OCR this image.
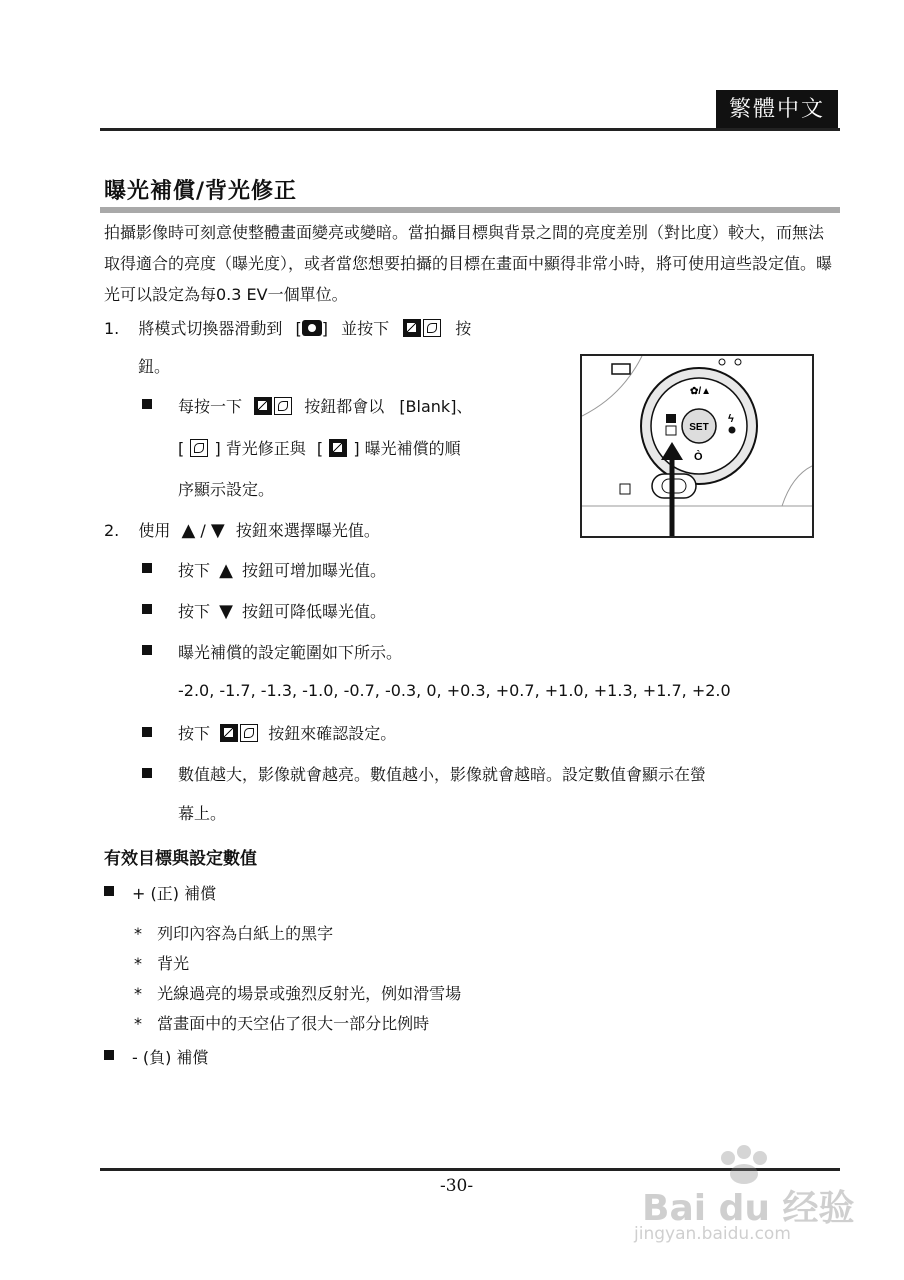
繁體中文
曝光補償/背光修正
拍攝影像時可刻意使整體畫面變亮或變暗。當拍攝目標與背景之間的亮度差別（對比度）較大，而無法取得適合的亮度（曝光度），或者當您想要拍攝的目標在畫面中顯得非常小時，將可使用這些設定值。曝光可以設定為每0.3 EV一個單位。
1. 將模式切換器滑動到 [ ] 並按下	按
鈕。
每按一下	按鈕都會以 [Blank]、
[ ] 背光修正與 [ ] 曝光補償的順
序顯示設定。
SET
✿/▲
ϟ
Ò
2. 使用 ▲ / ▼ 按鈕來選擇曝光值。
按下 ▲ 按鈕可增加曝光值。
按下 ▼ 按鈕可降低曝光值。
曝光補償的設定範圍如下所示。
-2.0, -1.7, -1.3, -1.0, -0.7, -0.3, 0, +0.3, +0.7, +1.0, +1.3, +1.7, +2.0
按下	按鈕來確認設定。
數值越大，影像就會越亮。數值越小，影像就會越暗。設定數值會顯示在螢
幕上。
有效目標與設定數值
+ (正) 補償
* 列印內容為白紙上的黑字
* 背光
* 光線過亮的場景或強烈反射光，例如滑雪場
* 當畫面中的天空佔了很大一部分比例時
- (負) 補償
-30-
Bai du 经验
jingyan.baidu.com
